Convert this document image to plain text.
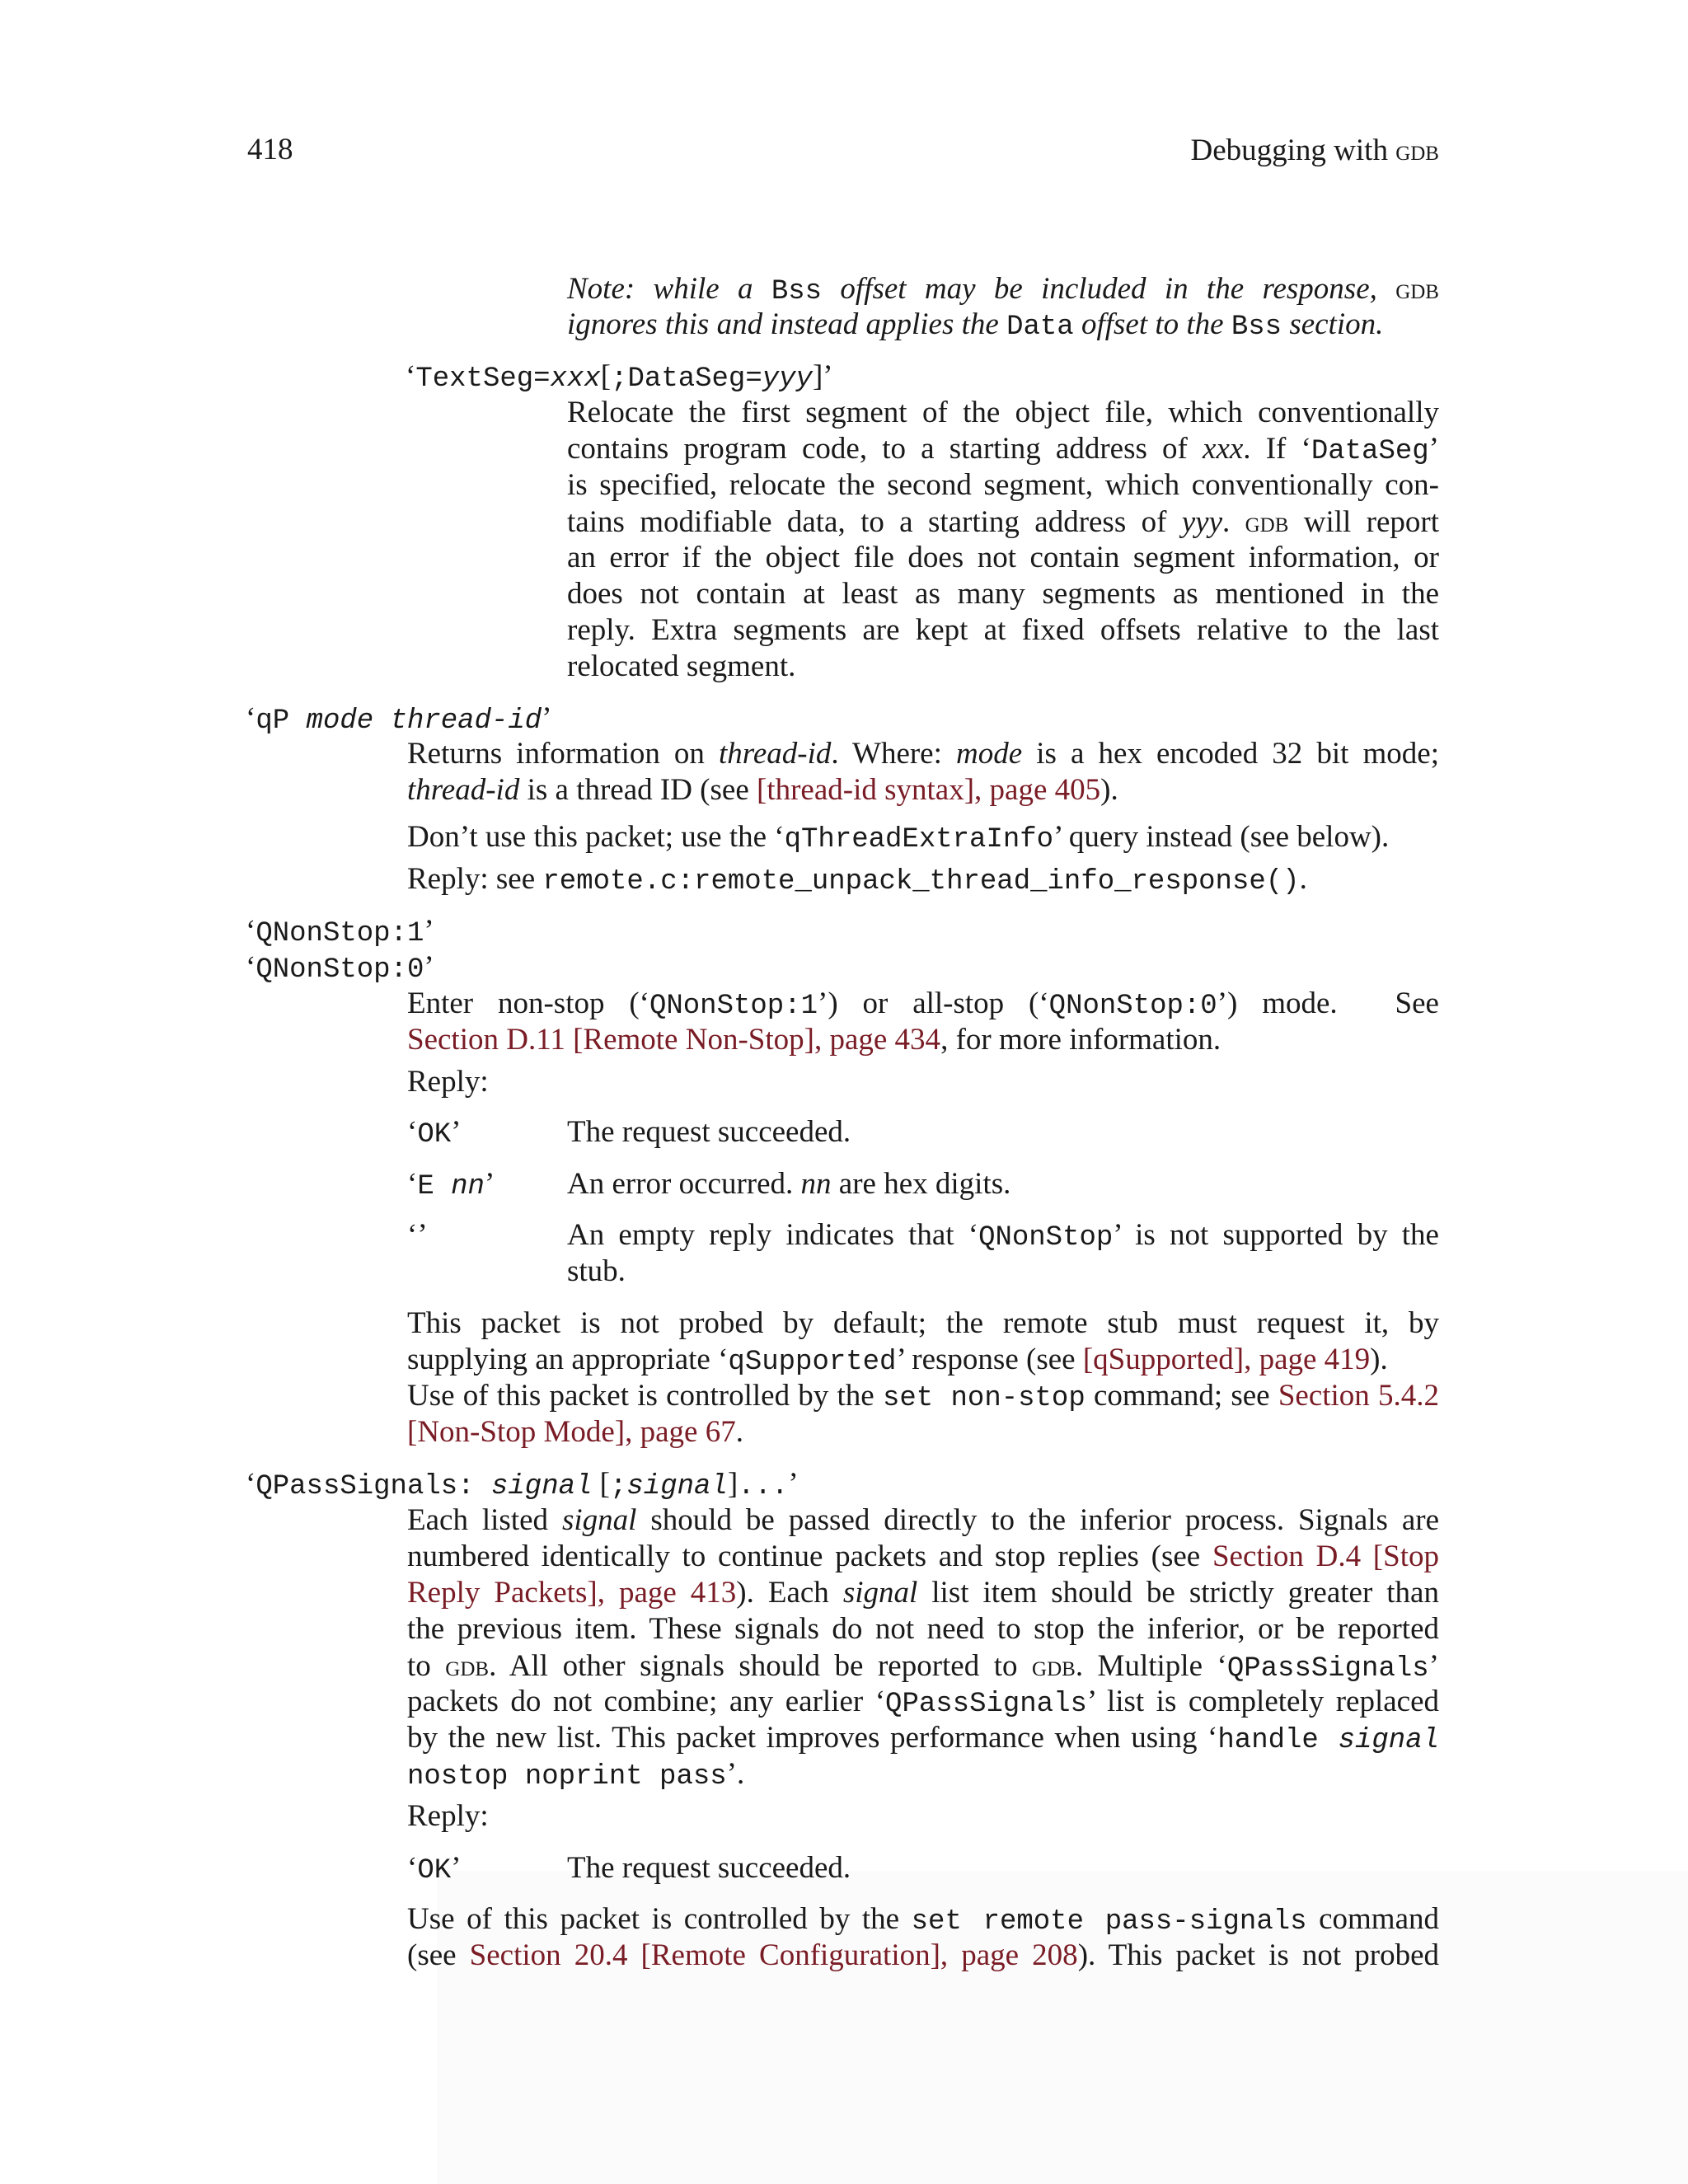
418	Debugging with gdb
Note: while a Bss offset may be included in the response, gdb
ignores this and instead applies the Data offset to the Bss section.
‘TextSeg=xxx[;DataSeg=yyy]’
Relocate the first segment of the object file, which conventionally
contains program code, to a starting address of xxx. If ‘DataSeg’
is specified, relocate the second segment, which conventionally con-
tains modifiable data, to a starting address of yyy. gdb will report
an error if the object file does not contain segment information, or
does not contain at least as many segments as mentioned in the
reply. Extra segments are kept at fixed offsets relative to the last
relocated segment.
‘qP mode thread-id’
Returns information on thread-id. Where: mode is a hex encoded 32 bit mode;
thread-id is a thread ID (see [thread-id syntax], page 405).
Don’t use this packet; use the ‘qThreadExtraInfo’ query instead (see below).
Reply: see remote.c:remote_unpack_thread_info_response().
‘QNonStop:1’
‘QNonStop:0’
Enter non-stop (‘QNonStop:1’) or all-stop (‘QNonStop:0’) mode. See
Section D.11 [Remote Non-Stop], page 434, for more information.
Reply:
‘OK’	The request succeeded.
‘E nn’ An error occurred. nn are hex digits.
‘’	An empty reply indicates that ‘QNonStop’ is not supported by the
stub.
This packet is not probed by default; the remote stub must request it, by
supplying an appropriate ‘qSupported’ response (see [qSupported], page 419).
Use of this packet is controlled by the set non-stop command; see Section 5.4.2
[Non-Stop Mode], page 67.
‘QPassSignals: signal [;signal]...’
Each listed signal should be passed directly to the inferior process. Signals are
numbered identically to continue packets and stop replies (see Section D.4 [Stop
Reply Packets], page 413). Each signal list item should be strictly greater than
the previous item. These signals do not need to stop the inferior, or be reported
to gdb. All other signals should be reported to gdb. Multiple ‘QPassSignals’
packets do not combine; any earlier ‘QPassSignals’ list is completely replaced
by the new list. This packet improves performance when using ‘handle signal
nostop noprint pass’.
Reply:
‘OK’	The request succeeded.
Use of this packet is controlled by the set remote pass-signals command
(see Section 20.4 [Remote Configuration], page 208). This packet is not probed
